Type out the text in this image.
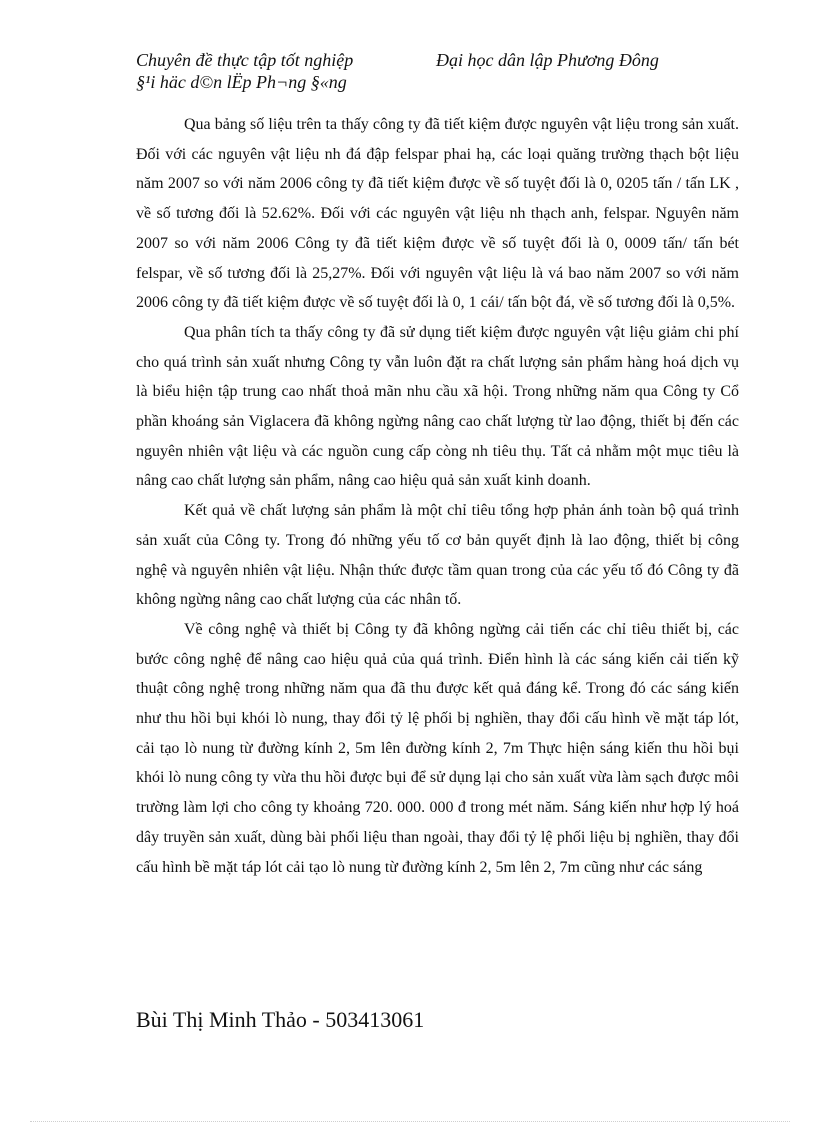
Chuyên đề thực tập tốt nghiệp	Đại học dân lập Phương Đông
§¹i häc d©n lËp Ph¬ng §«ng

Qua bảng số liệu trên ta thấy công ty đã tiết kiệm được nguyên vật liệu trong sản xuất. Đối với các nguyên vật liệu nh đá đập felspar phai hạ, các loại quăng trường thạch bột liệu năm 2007 so với năm 2006 công ty đã tiết kiệm được về số tuyệt đối là 0, 0205 tấn / tấn LK , về số tương đối là 52.62%. Đối với các nguyên vật liệu nh thạch anh, felspar. Nguyên năm 2007 so với năm 2006 Công ty đã tiết kiệm được về số tuyệt đối là 0, 0009 tấn/ tấn bét felspar, về số tương đối là 25,27%. Đối với nguyên vật liệu là vá bao năm 2007 so với năm 2006 công ty đã tiết kiệm được về số tuyệt đối là 0, 1 cái/ tấn bột đá, về số tương đối là 0,5%.

Qua phân tích ta thấy công ty đã sử dụng tiết kiệm được nguyên vật liệu giảm chi phí cho quá trình sản xuất nhưng Công ty vẫn luôn đặt ra chất lượng sản phẩm hàng hoá dịch vụ là biểu hiện tập trung cao nhất thoả mãn nhu cầu xã hội. Trong những năm qua Công ty Cổ phần khoáng sản Viglacera đã không ngừng nâng cao chất lượng từ lao động, thiết bị đến các nguyên nhiên vật liệu và các nguồn cung cấp còng nh tiêu thụ. Tất cả nhằm một mục tiêu là nâng cao chất lượng sản phẩm, nâng cao hiệu quả sản xuất kinh doanh.

Kết quả về chất lượng sản phẩm là một chỉ tiêu tổng hợp phản ánh toàn bộ quá trình sản xuất của Công ty. Trong đó những yếu tố cơ bản quyết định là lao động, thiết bị công nghệ và nguyên nhiên vật liệu. Nhận thức được tầm quan trong của các yếu tố đó Công ty đã không ngừng nâng cao chất lượng của các nhân tố.

Về công nghệ và thiết bị Công ty đã không ngừng cải tiến các chỉ tiêu thiết bị, các bước công nghệ để nâng cao hiệu quả của quá trình. Điển hình là các sáng kiến cải tiến kỹ thuật công nghệ trong những năm qua đã thu được kết quả đáng kể. Trong đó các sáng kiến như thu hồi bụi khói lò nung, thay đổi tỷ lệ phối bị nghiền, thay đổi cấu hình về mặt táp lót, cải tạo lò nung từ đường kính 2, 5m lên đường kính 2, 7m Thực hiện sáng kiến thu hồi bụi khói lò nung công ty vừa thu hồi được bụi để sử dụng lại cho sản xuất vừa làm sạch được môi trường làm lợi cho công ty khoảng 720. 000. 000 đ trong mét năm. Sáng kiến như hợp lý hoá dây truyền sản xuất, dùng bài phối liệu than ngoài, thay đổi tỷ lệ phối liệu bị nghiền, thay đổi cấu hình bề mặt táp lót cải tạo lò nung từ đường kính 2, 5m lên 2, 7m cũng như các sáng

Bùi Thị Minh Thảo - 503413061
